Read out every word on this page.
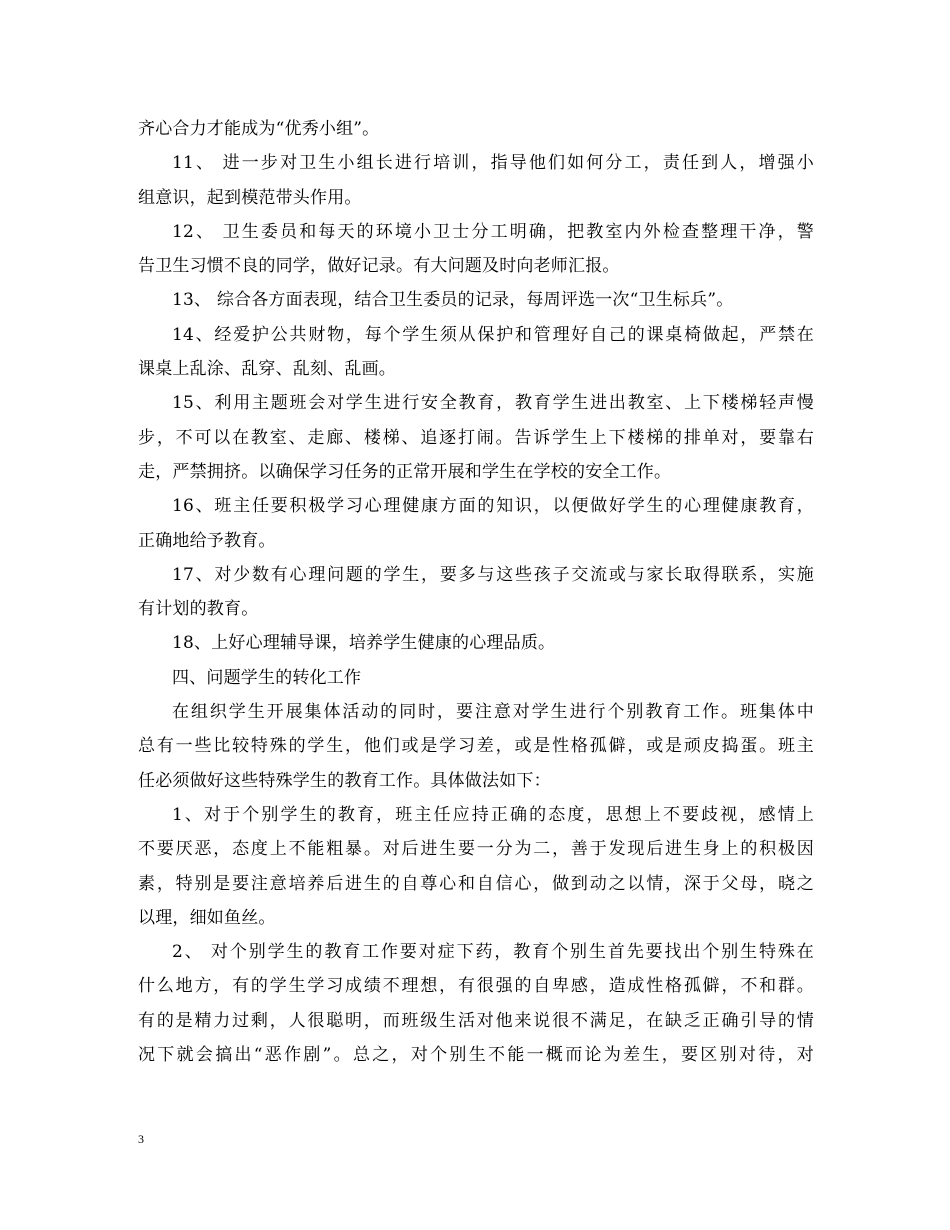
齐心合力才能成为“优秀小组”。
11、 进一步对卫生小组长进行培训，指导他们如何分工，责任到人，增强小
组意识，起到模范带头作用。
12、 卫生委员和每天的环境小卫士分工明确，把教室内外检查整理干净，警
告卫生习惯不良的同学，做好记录。有大问题及时向老师汇报。
13、 综合各方面表现，结合卫生委员的记录，每周评选一次“卫生标兵”。
14、经爱护公共财物，每个学生须从保护和管理好自己的课桌椅做起，严禁在
课桌上乱涂、乱穿、乱刻、乱画。
15、利用主题班会对学生进行安全教育，教育学生进出教室、上下楼梯轻声慢
步，不可以在教室、走廊、楼梯、追逐打闹。告诉学生上下楼梯的排单对，要靠右
走，严禁拥挤。以确保学习任务的正常开展和学生在学校的安全工作。
16、班主任要积极学习心理健康方面的知识，以便做好学生的心理健康教育，
正确地给予教育。
17、对少数有心理问题的学生，要多与这些孩子交流或与家长取得联系，实施
有计划的教育。
18、上好心理辅导课，培养学生健康的心理品质。
四、问题学生的转化工作
在组织学生开展集体活动的同时，要注意对学生进行个别教育工作。班集体中
总有一些比较特殊的学生，他们或是学习差，或是性格孤僻，或是顽皮捣蛋。班主
任必须做好这些特殊学生的教育工作。具体做法如下：
1、对于个别学生的教育，班主任应持正确的态度，思想上不要歧视，感情上
不要厌恶，态度上不能粗暴。对后进生要一分为二，善于发现后进生身上的积极因
素，特别是要注意培养后进生的自尊心和自信心，做到动之以情，深于父母，晓之
以理，细如鱼丝。
2、 对个别学生的教育工作要对症下药，教育个别生首先要找出个别生特殊在
什么地方，有的学生学习成绩不理想，有很强的自卑感，造成性格孤僻，不和群。
有的是精力过剩，人很聪明，而班级生活对他来说很不满足，在缺乏正确引导的情
况下就会搞出“恶作剧”。总之，对个别生不能一概而论为差生，要区别对待，对
3
